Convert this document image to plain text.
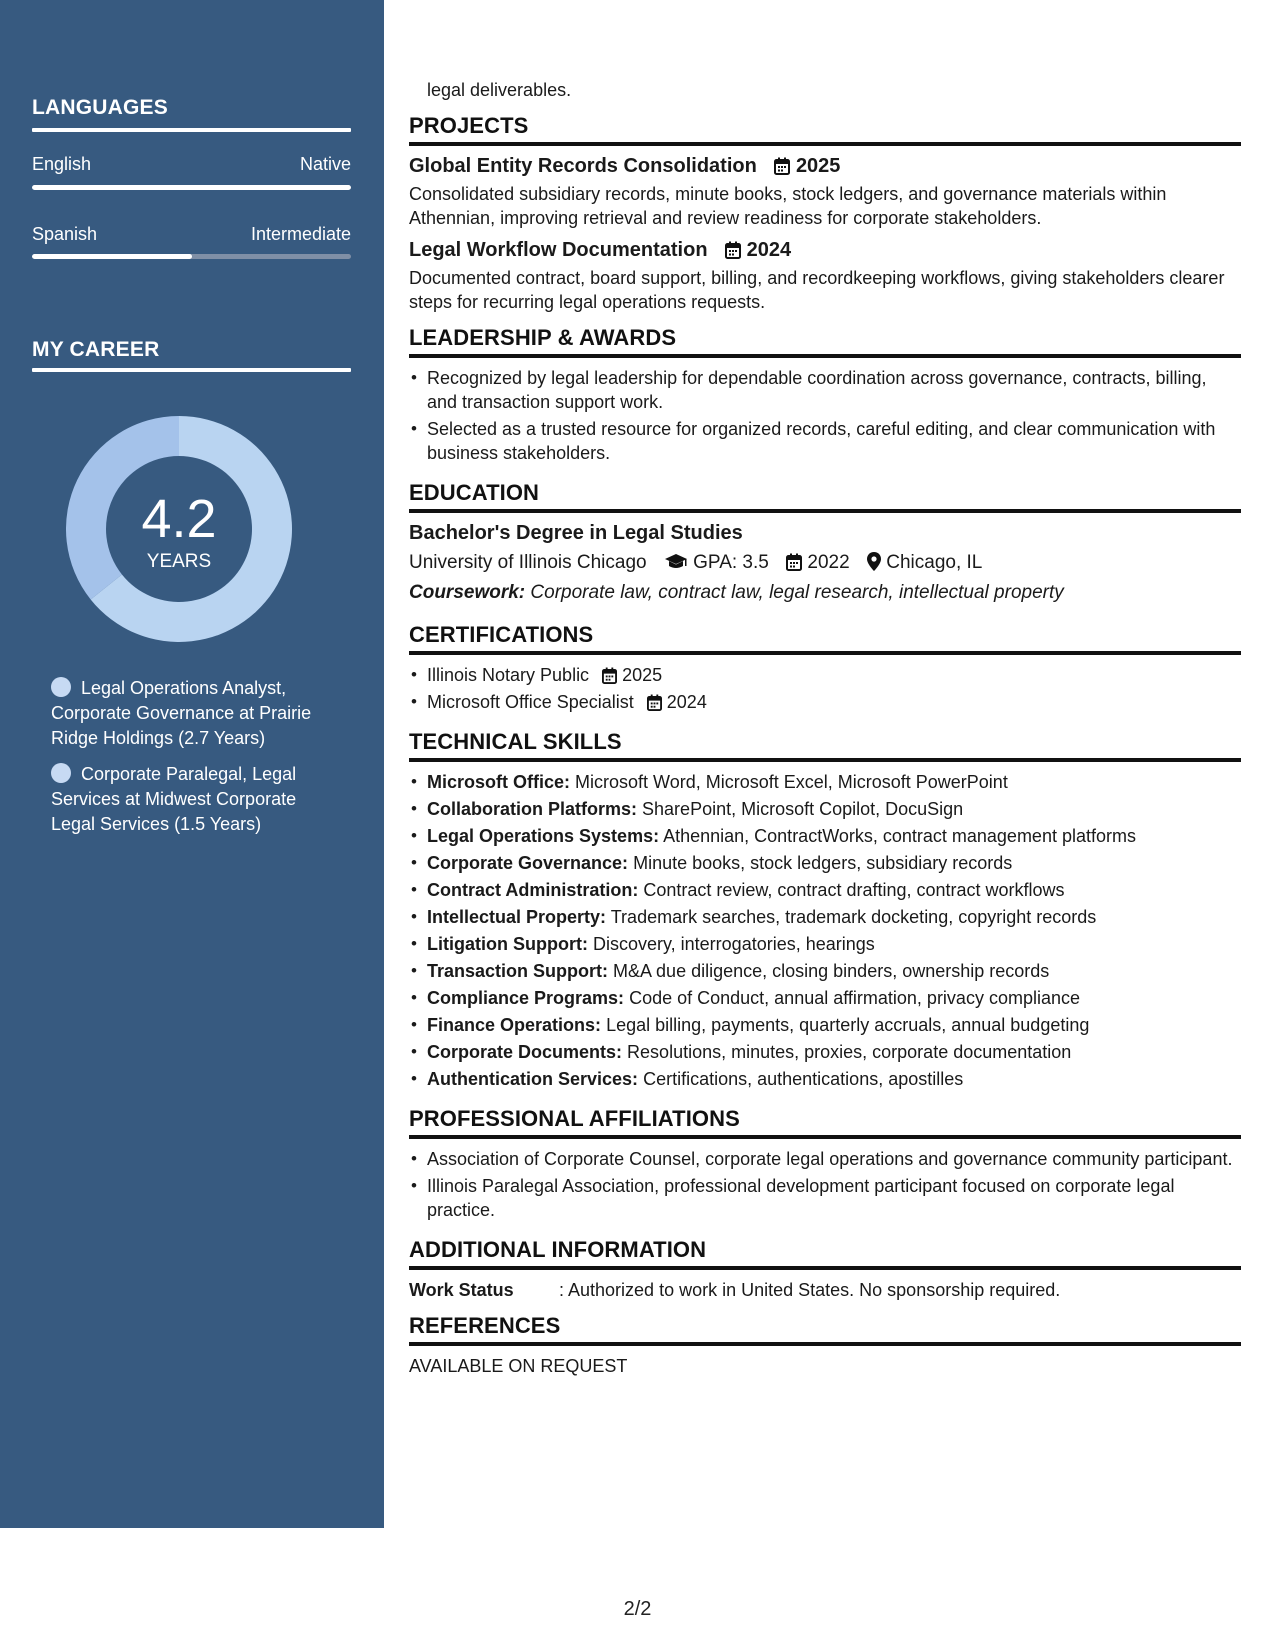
LANGUAGES
English	Native
Spanish	Intermediate
MY CAREER
4.2
YEARS
Legal Operations Analyst, Corporate Governance at Prairie Ridge Holdings (2.7 Years)
Corporate Paralegal, Legal Services at Midwest Corporate Legal Services (1.5 Years)
legal deliverables.
PROJECTS
Global Entity Records Consolidation 2025
Consolidated subsidiary records, minute books, stock ledgers, and governance materials within Athennian, improving retrieval and review readiness for corporate stakeholders.
Legal Workflow Documentation 2024
Documented contract, board support, billing, and recordkeeping workflows, giving stakeholders clearer steps for recurring legal operations requests.
LEADERSHIP & AWARDS
• Recognized by legal leadership for dependable coordination across governance, contracts, billing, and transaction support work.
• Selected as a trusted resource for organized records, careful editing, and clear communication with business stakeholders.
EDUCATION
Bachelor's Degree in Legal Studies
University of Illinois Chicago GPA: 3.5 2022 Chicago, IL
Coursework: Corporate law, contract law, legal research, intellectual property
CERTIFICATIONS
• Illinois Notary Public 2025
• Microsoft Office Specialist 2024
TECHNICAL SKILLS
• Microsoft Office: Microsoft Word, Microsoft Excel, Microsoft PowerPoint
• Collaboration Platforms: SharePoint, Microsoft Copilot, DocuSign
• Legal Operations Systems: Athennian, ContractWorks, contract management platforms
• Corporate Governance: Minute books, stock ledgers, subsidiary records
• Contract Administration: Contract review, contract drafting, contract workflows
• Intellectual Property: Trademark searches, trademark docketing, copyright records
• Litigation Support: Discovery, interrogatories, hearings
• Transaction Support: M&A due diligence, closing binders, ownership records
• Compliance Programs: Code of Conduct, annual affirmation, privacy compliance
• Finance Operations: Legal billing, payments, quarterly accruals, annual budgeting
• Corporate Documents: Resolutions, minutes, proxies, corporate documentation
• Authentication Services: Certifications, authentications, apostilles
PROFESSIONAL AFFILIATIONS
• Association of Corporate Counsel, corporate legal operations and governance community participant.
• Illinois Paralegal Association, professional development participant focused on corporate legal practice.
ADDITIONAL INFORMATION
Work Status	: Authorized to work in United States. No sponsorship required.
REFERENCES
AVAILABLE ON REQUEST
2/2
